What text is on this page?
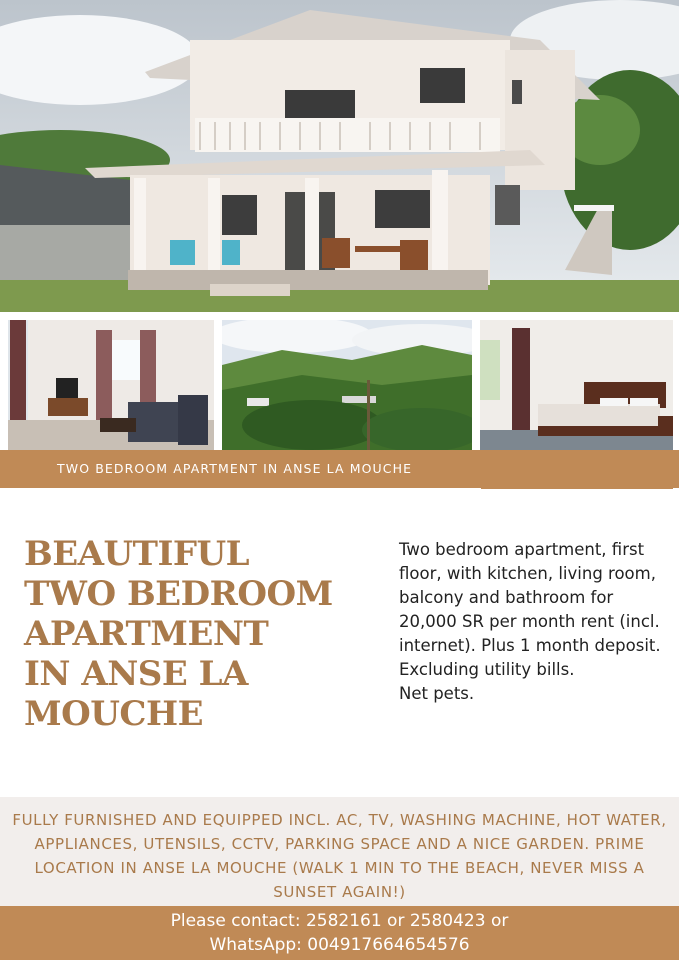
TWO BEDROOM APARTMENT IN ANSE LA MOUCHE
BEAUTIFUL
TWO BEDROOM
APARTMENT
IN ANSE LA
MOUCHE

Two bedroom apartment, first floor, with kitchen, living room, balcony and bathroom for 20,000 SR per month rent (incl. internet). Plus 1 month deposit. Excluding utility bills.

Net pets.

FULLY FURNISHED AND EQUIPPED INCL. AC, TV, WASHING MACHINE, HOT WATER, APPLIANCES, UTENSILS, CCTV, PARKING SPACE AND A NICE GARDEN. PRIME LOCATION IN ANSE LA MOUCHE (WALK 1 MIN TO THE BEACH, NEVER MISS A SUNSET AGAIN!)
Please contact: 2582161 or 2580423 or
WhatsApp: 004917664654576
